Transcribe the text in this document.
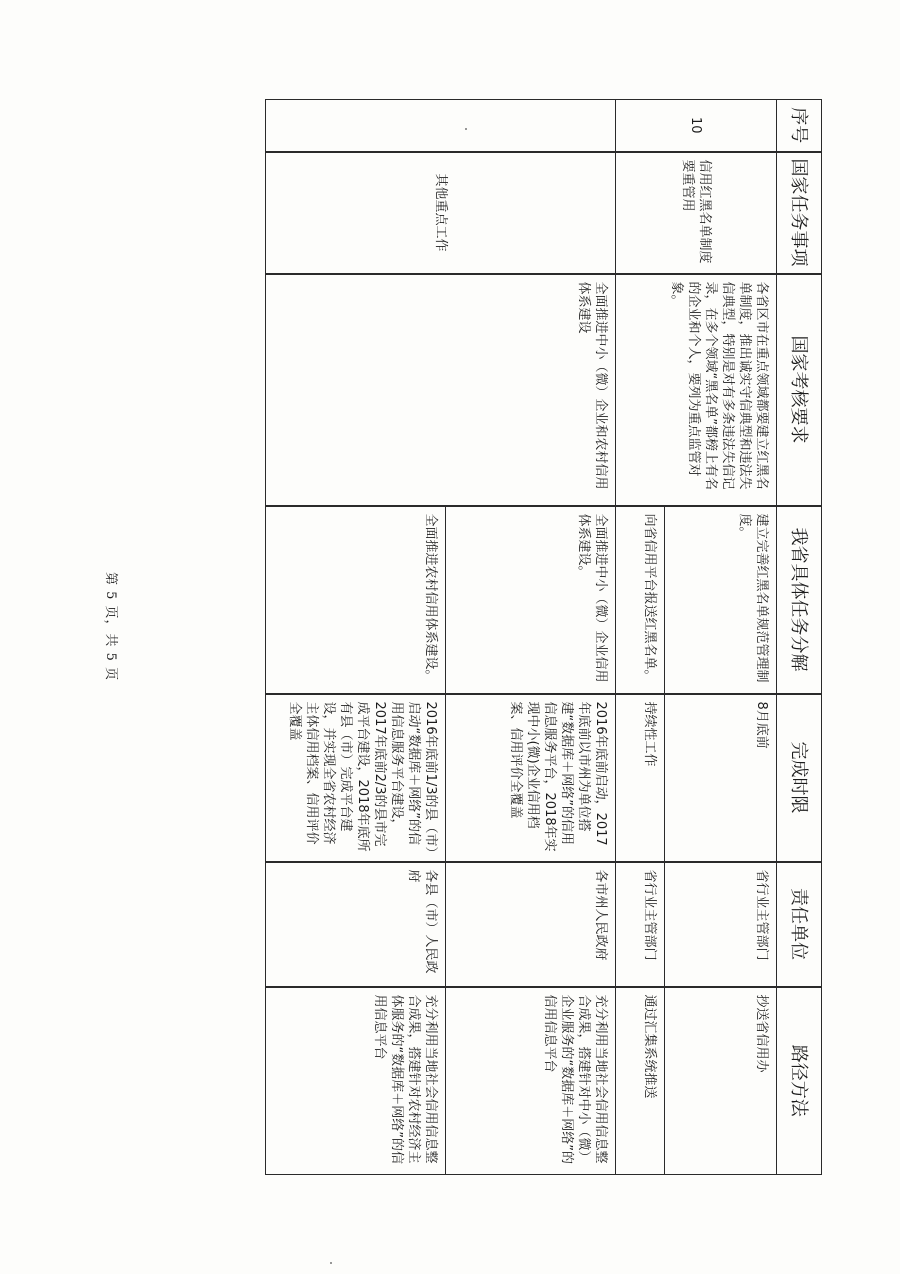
序号	国家任务事项	国家考核要求	我省具体任务分解	完成时限	责任单位	路径方法
10	信用红黑名单制度要重管用	各省区市在重点领域都要建立红黑名单制度，推出诚实守信典型和违法失信典型，特别是对有多条违法失信记录，在多个领域“黑名单”都榜上有名的企业和个人，要列为重点监管对象。	建立完善红黑名单规范管理制度。	8月底前	省行业主管部门	抄送省信用办
			向省信用平台报送红黑名单。	持续性工作	省行业主管部门	通过汇集系统推送
	其他重点工作	全面推进中小（微）企业和农村信用体系建设	全面推进中小（微）企业信用体系建设。	2016年底前启动，2017年底前以市州为单位搭建“数据库＋网络”的信用信息服务平台，2018年实现中小(微)企业信用档案、信用评价全覆盖	各市州人民政府	充分利用当地社会信用信息整合成果，搭建针对中小（微）企业服务的“数据库＋网络”的信用信息平台
			全面推进农村信用体系建设。	2016年底前1/3的县（市）启动“数据库＋网络”的信用信息服务平台建设，2017年底前2/3的县市完成平台建设，2018年底所有县（市）完成平台建设，并实现全省农村经济主体信用档案、信用评价全覆盖	各县（市）人民政府	充分利用当地社会信用信息整合成果，搭建针对农村经济主体服务的“数据库＋网络”的信用信息平台
第 5 页，共 5 页
